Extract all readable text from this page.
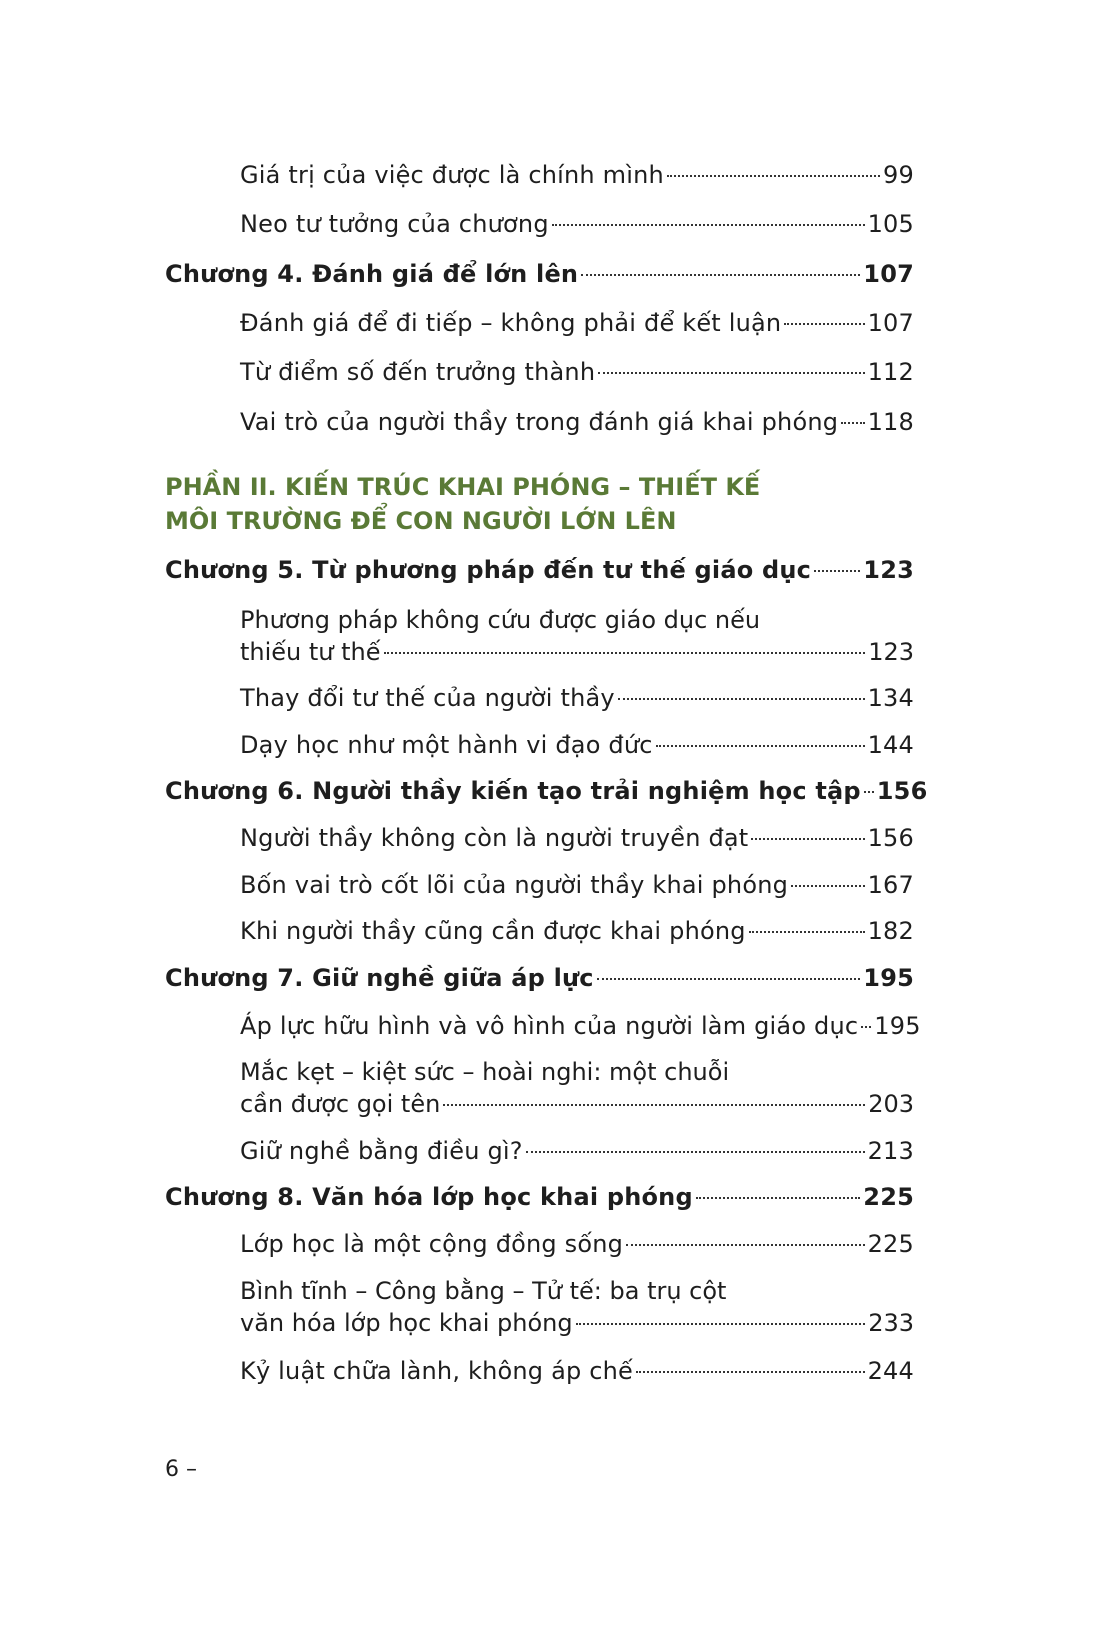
Giá trị của việc được là chính mình	99
Neo tư tưởng của chương	105
Chương 4. Đánh giá để lớn lên	107
Đánh giá để đi tiếp – không phải để kết luận	107
Từ điểm số đến trưởng thành	112
Vai trò của người thầy trong đánh giá khai phóng 118
PHẦN II. KIẾN TRÚC KHAI PHÓNG – THIẾT KẾ
MÔI TRƯỜNG ĐỂ CON NGƯỜI LỚN LÊN
Chương 5. Từ phương pháp đến tư thế giáo dục 123
Phương pháp không cứu được giáo dục nếu
thiếu tư thế	123
Thay đổi tư thế của người thầy	134
Dạy học như một hành vi đạo đức	144
Chương 6. Người thầy kiến tạo trải nghiệm học tập 156
Người thầy không còn là người truyền đạt	156
Bốn vai trò cốt lõi của người thầy khai phóng	167
Khi người thầy cũng cần được khai phóng	182
Chương 7. Giữ nghề giữa áp lực	195
Áp lực hữu hình và vô hình của người làm giáo dục 195
Mắc kẹt – kiệt sức – hoài nghi: một chuỗi
cần được gọi tên	203
Giữ nghề bằng điều gì?	213
Chương 8. Văn hóa lớp học khai phóng	225
Lớp học là một cộng đồng sống	225
Bình tĩnh – Công bằng – Tử tế: ba trụ cột
văn hóa lớp học khai phóng	233
Kỷ luật chữa lành, không áp chế	244
6 –
